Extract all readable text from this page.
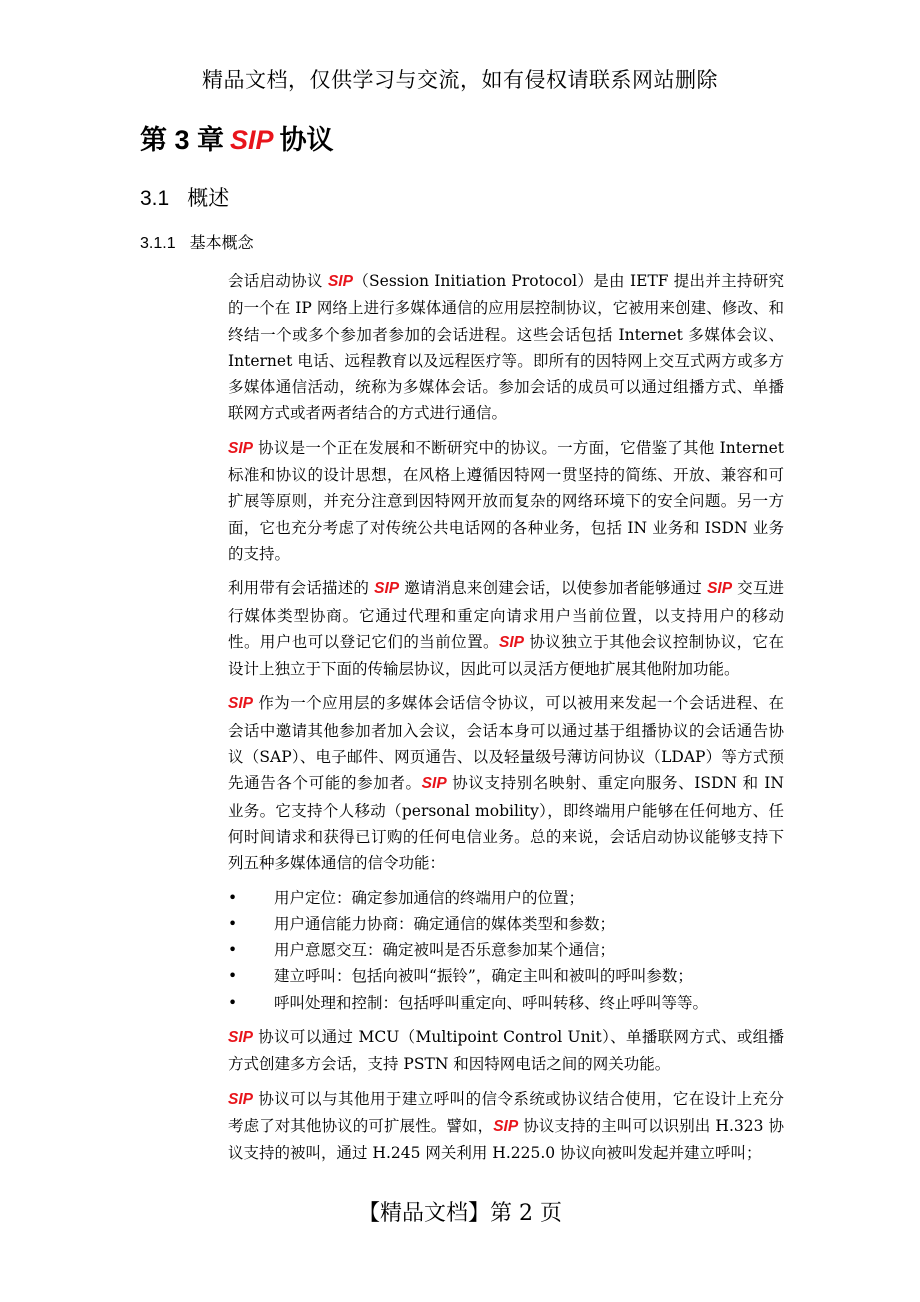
精品文档，仅供学习与交流，如有侵权请联系网站删除
第 3 章 SIP 协议
3.1 概述
3.1.1 基本概念

会话启动协议 SIP（Session Initiation Protocol）是由 IETF 提出并主持研究的一个在 IP 网络上进行多媒体通信的应用层控制协议，它被用来创建、修改、和终结一个或多个参加者参加的会话进程。这些会话包括 Internet 多媒体会议、Internet 电话、远程教育以及远程医疗等。即所有的因特网上交互式两方或多方多媒体通信活动，统称为多媒体会话。参加会话的成员可以通过组播方式、单播联网方式或者两者结合的方式进行通信。

SIP 协议是一个正在发展和不断研究中的协议。一方面，它借鉴了其他 Internet 标准和协议的设计思想，在风格上遵循因特网一贯坚持的简练、开放、兼容和可扩展等原则，并充分注意到因特网开放而复杂的网络环境下的安全问题。另一方面，它也充分考虑了对传统公共电话网的各种业务，包括 IN 业务和 ISDN 业务的支持。

利用带有会话描述的 SIP 邀请消息来创建会话，以使参加者能够通过 SIP 交互进行媒体类型协商。它通过代理和重定向请求用户当前位置，以支持用户的移动性。用户也可以登记它们的当前位置。SIP 协议独立于其他会议控制协议，它在设计上独立于下面的传输层协议，因此可以灵活方便地扩展其他附加功能。

SIP 作为一个应用层的多媒体会话信令协议，可以被用来发起一个会话进程、在会话中邀请其他参加者加入会议，会话本身可以通过基于组播协议的会话通告协议（SAP）、电子邮件、网页通告、以及轻量级号薄访问协议（LDAP）等方式预先通告各个可能的参加者。SIP 协议支持别名映射、重定向服务、ISDN 和 IN 业务。它支持个人移动（personal mobility），即终端用户能够在任何地方、任何时间请求和获得已订购的任何电信业务。总的来说，会话启动协议能够支持下列五种多媒体通信的信令功能：

• 用户定位：确定参加通信的终端用户的位置；
• 用户通信能力协商：确定通信的媒体类型和参数；
• 用户意愿交互：确定被叫是否乐意参加某个通信；
• 建立呼叫：包括向被叫“振铃”，确定主叫和被叫的呼叫参数；
• 呼叫处理和控制：包括呼叫重定向、呼叫转移、终止呼叫等等。

SIP 协议可以通过 MCU（Multipoint Control Unit）、单播联网方式、或组播方式创建多方会话，支持 PSTN 和因特网电话之间的网关功能。

SIP 协议可以与其他用于建立呼叫的信令系统或协议结合使用，它在设计上充分考虑了对其他协议的可扩展性。譬如，SIP 协议支持的主叫可以识别出 H.323 协议支持的被叫，通过 H.245 网关利用 H.225.0 协议向被叫发起并建立呼叫；

【精品文档】第 2 页
